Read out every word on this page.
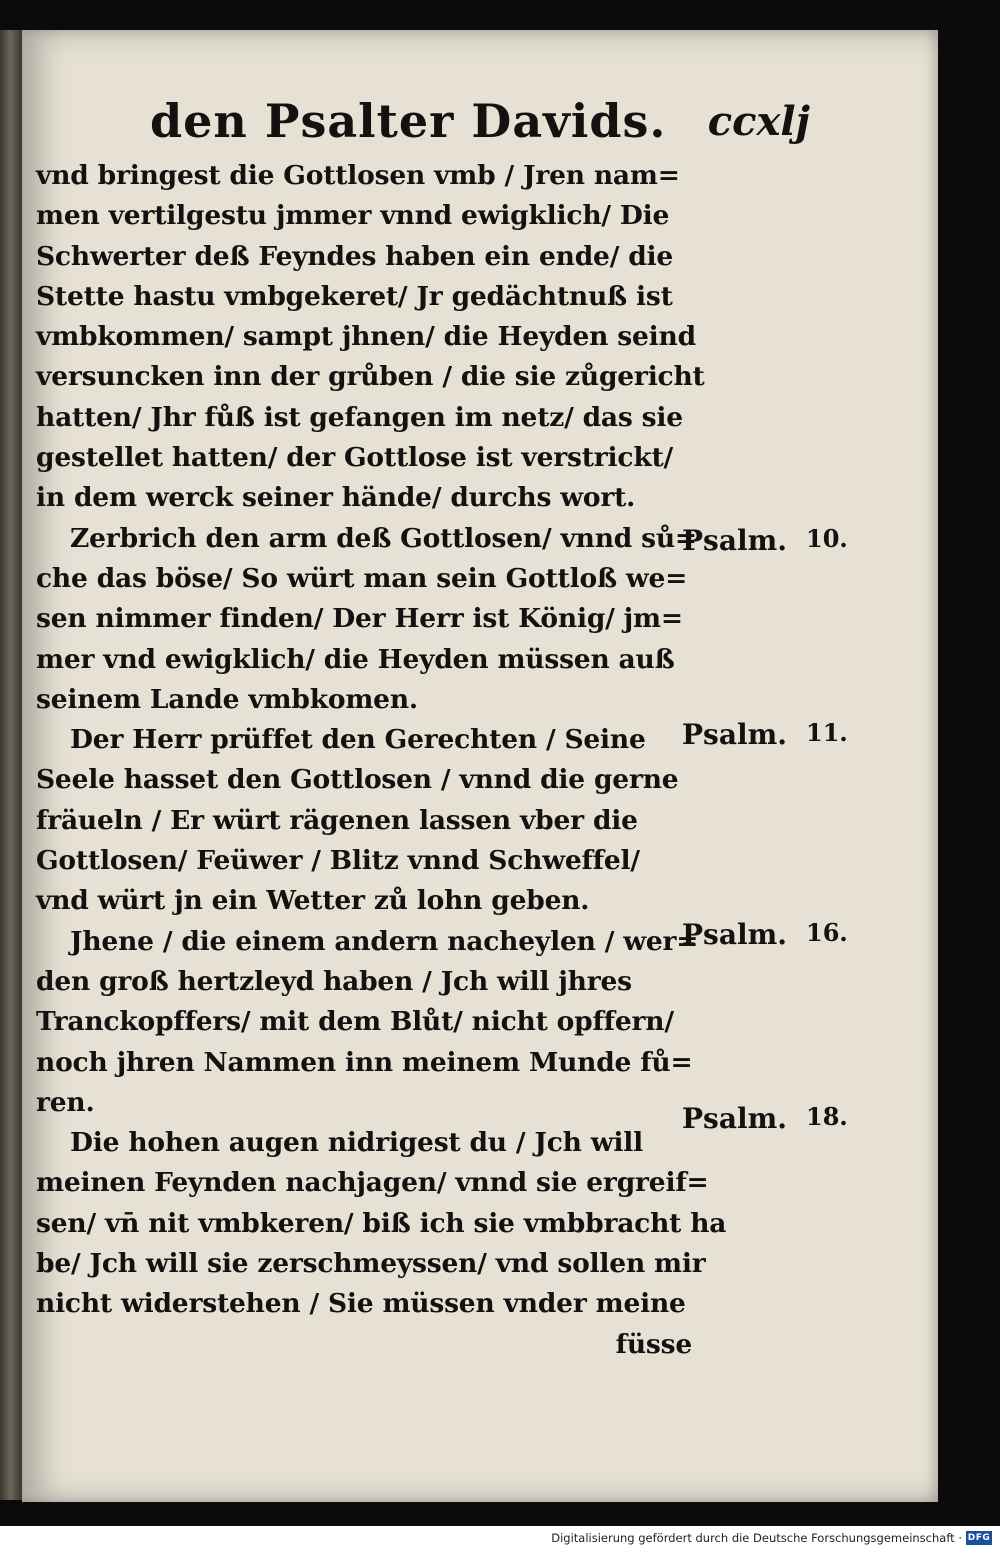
den Psalter Davids. ccxlj
vnd bringest die Gottlosen vmb / Jren nam=
men vertilgestu jmmer vnnd ewigklich/ Die
Schwerter deß Feyndes haben ein ende/ die
Stette hastu vmbgekeret/ Jr gedächtnuß ist
vmbkommen/ sampt jhnen/ die Heyden seind
versuncken inn der grůben / die sie zůgericht
hatten/ Jhr fůß ist gefangen im netz/ das sie
gestellet hatten/ der Gottlose ist verstrickt/
in dem werck seiner hände/ durchs wort.
Zerbrich den arm deß Gottlosen/ vnnd sů=
che das böse/ So würt man sein Gottloß we=
sen nimmer finden/ Der Herr ist König/ jm=
mer vnd ewigklich/ die Heyden müssen auß
seinem Lande vmbkomen.
Der Herr prüffet den Gerechten / Seine
Seele hasset den Gottlosen / vnnd die gerne
fräueln / Er würt rägenen lassen vber die
Gottlosen/ Feüwer / Blitz vnnd Schweffel/
vnd würt jn ein Wetter zů lohn geben.
Jhene / die einem andern nacheylen / wer=
den groß hertzleyd haben / Jch will jhres
Tranckopffers/ mit dem Blůt/ nicht opffern/
noch jhren Nammen inn meinem Munde fů=
ren.
Die hohen augen nidrigest du / Jch will
meinen Feynden nachjagen/ vnnd sie ergreif=
sen/ vn̄ nit vmbkeren/ biß ich sie vmbbracht ha
be/ Jch will sie zerschmeyssen/ vnd sollen mir
nicht widerstehen / Sie müssen vnder meine
füsse
Psalm. 10.
Psalm. 11.
Psalm. 16.
Psalm. 18.
Digitalisierung gefördert durch die Deutsche Forschungsgemeinschaft · DFG
